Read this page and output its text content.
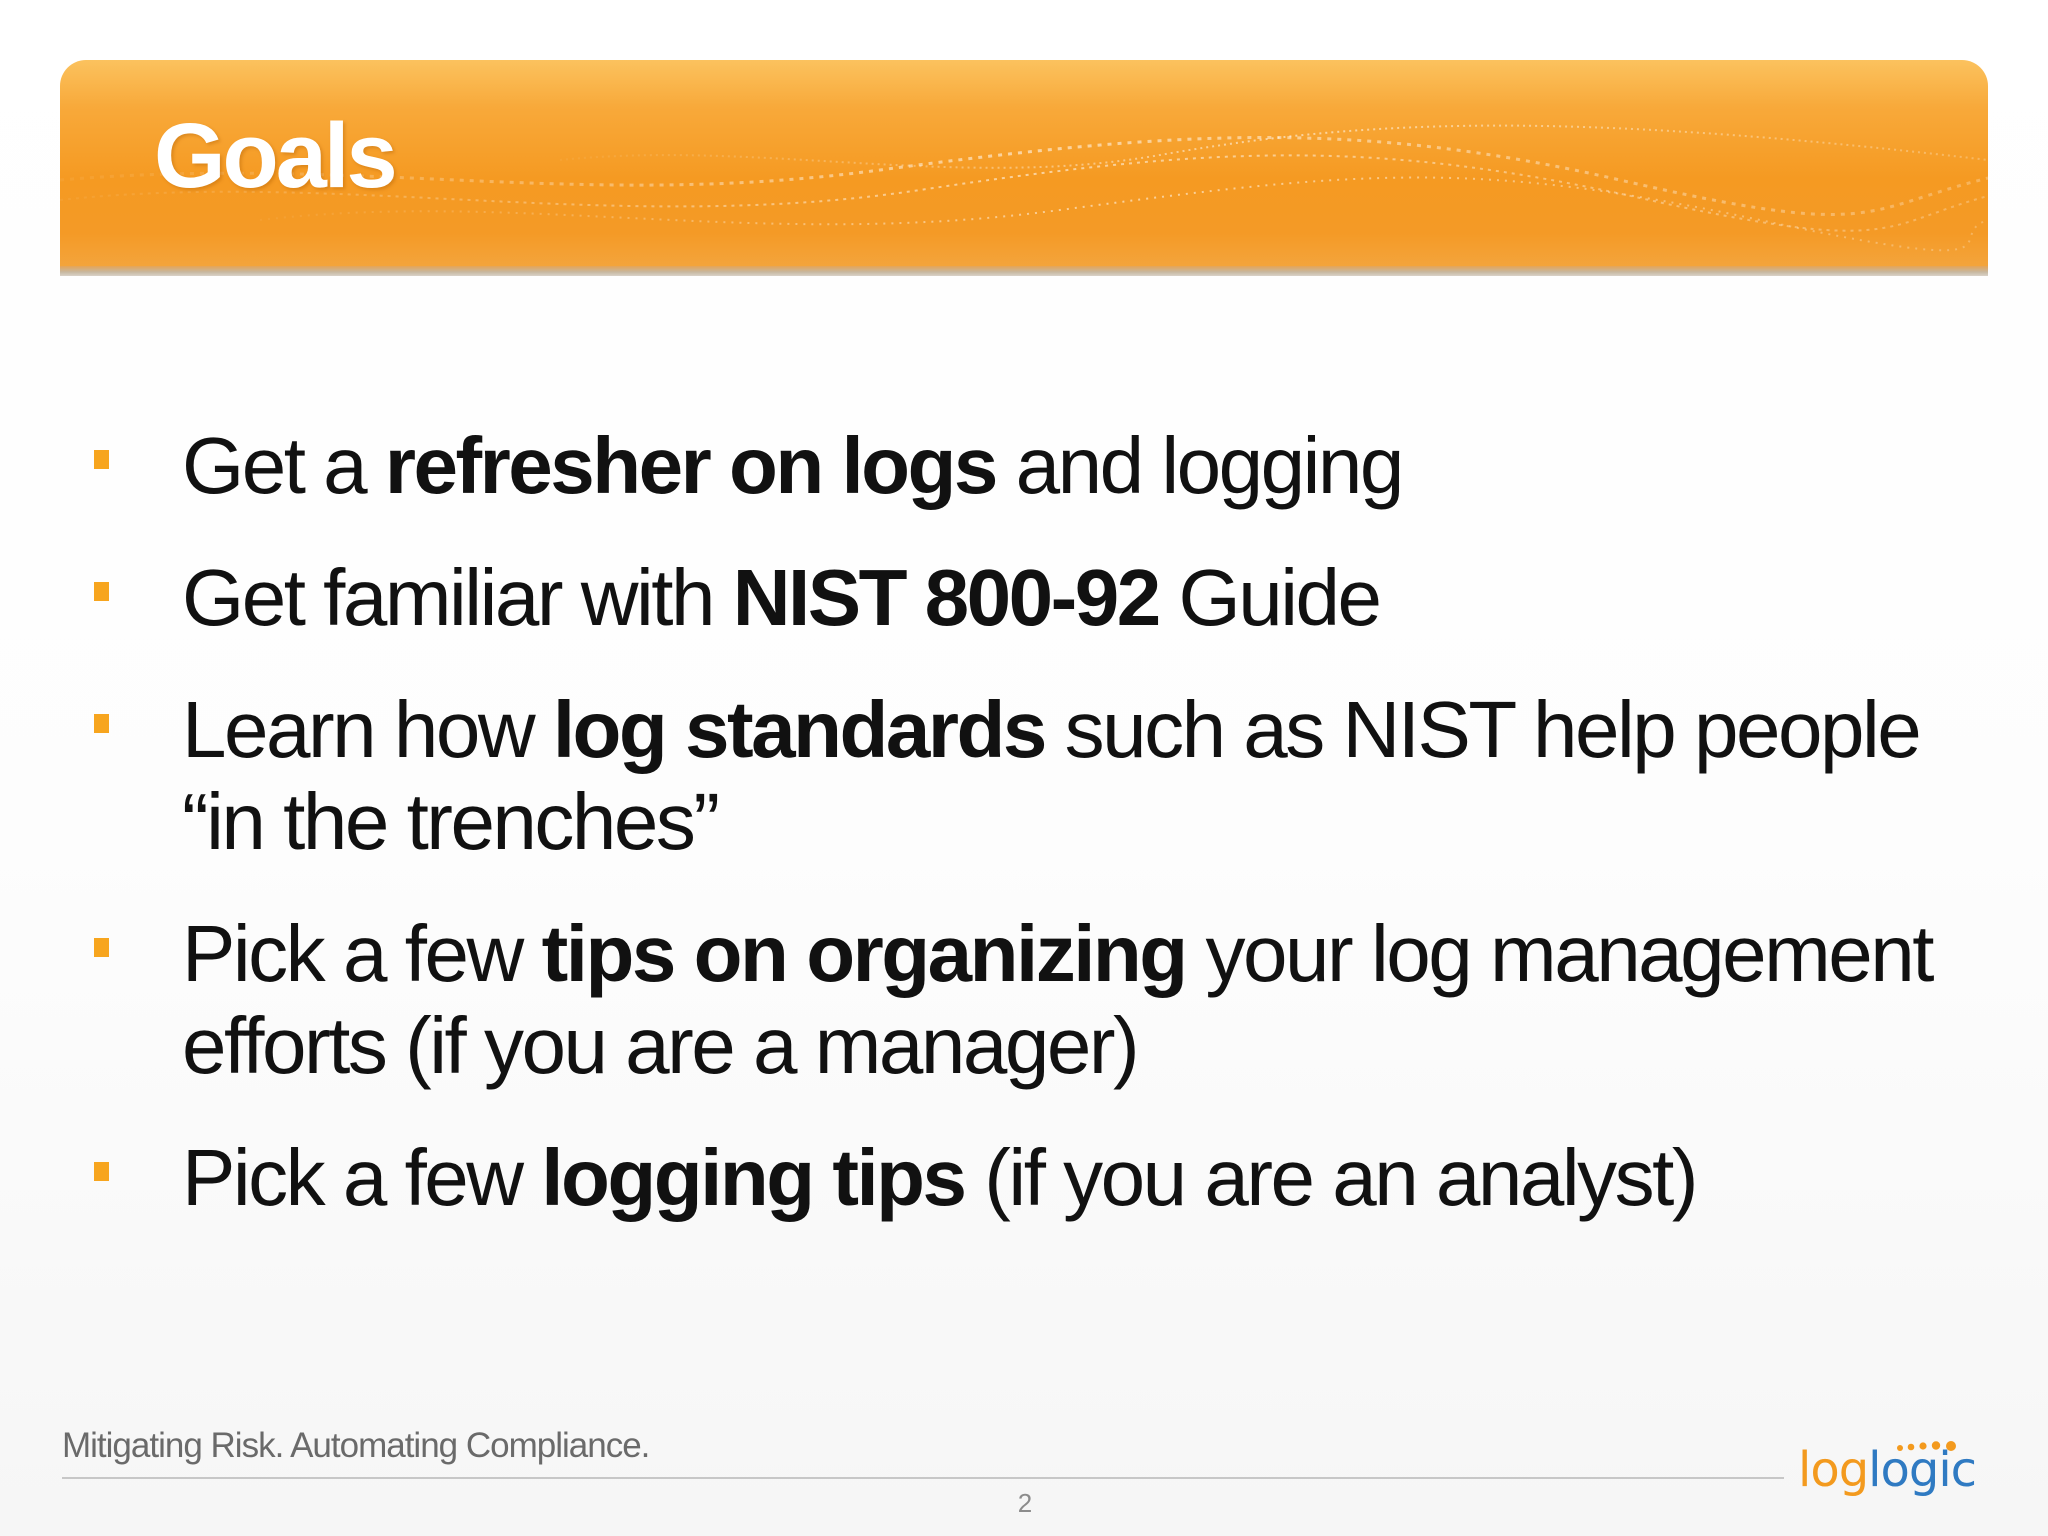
Goals
Get a refresher on logs and logging
Get familiar with NIST 800-92 Guide
Learn how log standards such as NIST help people “in the trenches”
Pick a few tips on organizing your log management efforts (if you are a manager)
Pick a few logging tips (if you are an analyst)
Mitigating Risk. Automating Compliance.
2
loglogic
